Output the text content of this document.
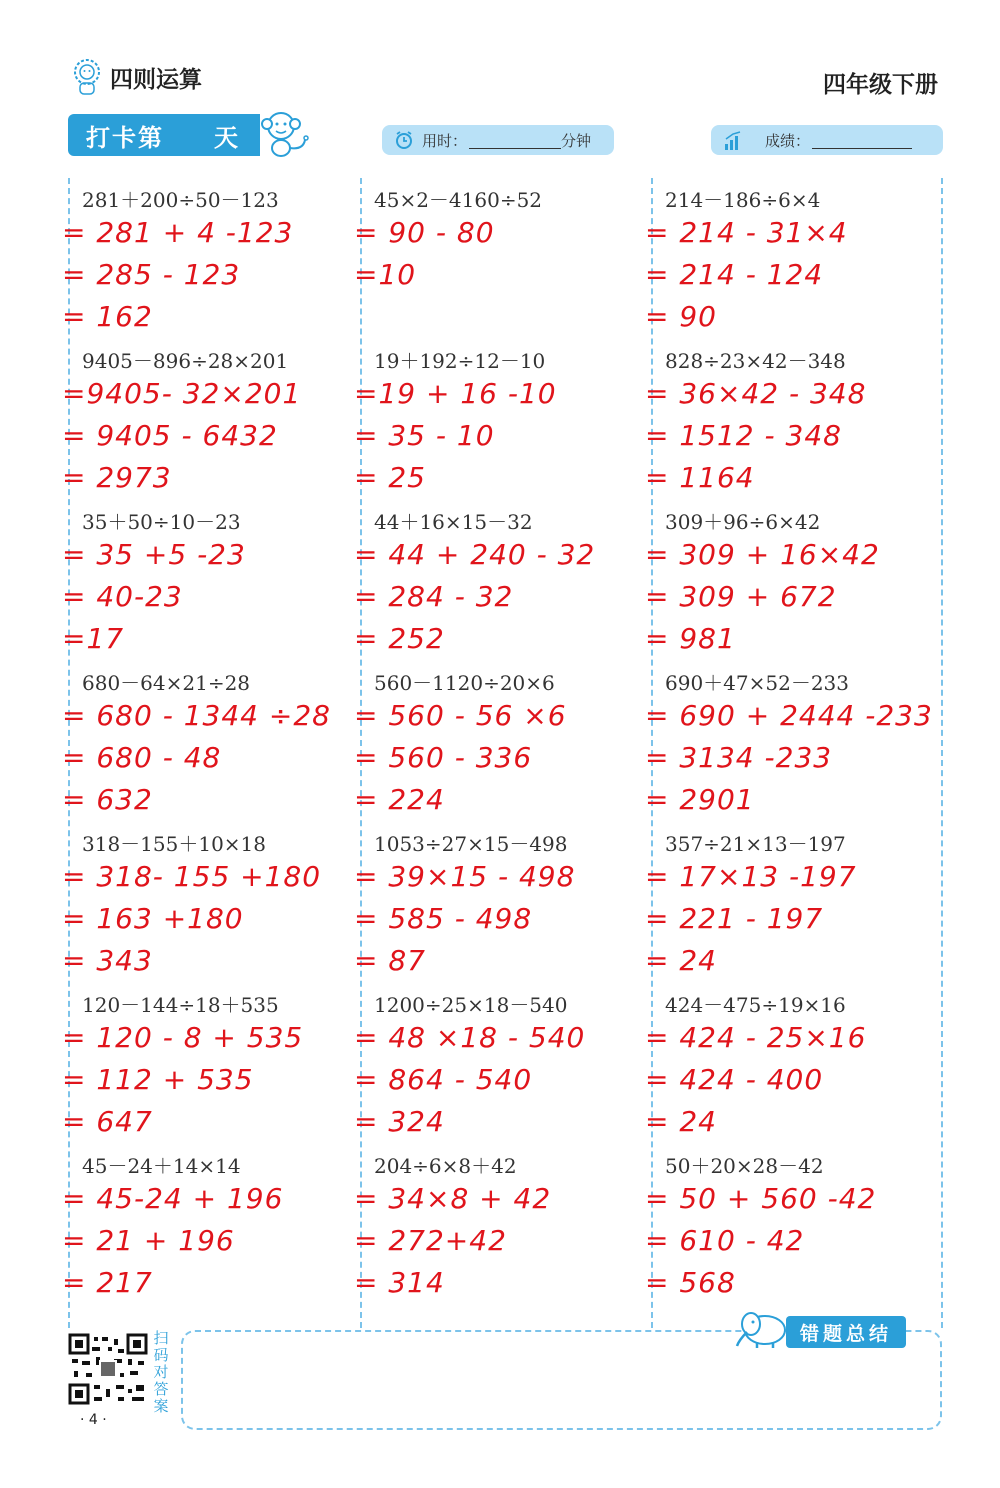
四则运算	四年级下册
打卡第 天	用时：	分钟	成绩：
281＋200÷50－123
= 281 + 4 -123
= 285 - 123
= 162
45×2－4160÷52
= 90 - 80
=10
214－186÷6×4
= 214 - 31×4
= 214 - 124
= 90
9405－896÷28×201
=9405- 32×201
= 9405 - 6432
= 2973
19＋192÷12－10
=19 + 16 -10
= 35 - 10
= 25
828÷23×42－348
= 36×42 - 348
= 1512 - 348
= 1164
35＋50÷10－23
= 35 +5 -23
= 40-23
=17
44＋16×15－32
= 44 + 240 - 32
= 284 - 32
= 252
309＋96÷6×42
= 309 + 16×42
= 309 + 672
= 981
680－64×21÷28
= 680 - 1344 ÷28
= 680 - 48
= 632
560－1120÷20×6
= 560 - 56 ×6
= 560 - 336
= 224
690＋47×52－233
= 690 + 2444 -233
= 3134 -233
= 2901
318－155＋10×18
= 318- 155 +180
= 163 +180
= 343
1053÷27×15－498
= 39×15 - 498
= 585 - 498
= 87
357÷21×13－197
= 17×13 -197
= 221 - 197
= 24
120－144÷18＋535
= 120 - 8 + 535
= 112 + 535
= 647
1200÷25×18－540
= 48 ×18 - 540
= 864 - 540
= 324
424－475÷19×16
= 424 - 25×16
= 424 - 400
= 24
45－24＋14×14
= 45-24 + 196
= 21 + 196
= 217
204÷6×8＋42
= 34×8 + 42
= 272+42
= 314
50＋20×28－42
= 50 + 560 -42
= 610 - 42
= 568
扫码对答案
· 4 ·
错题总结
